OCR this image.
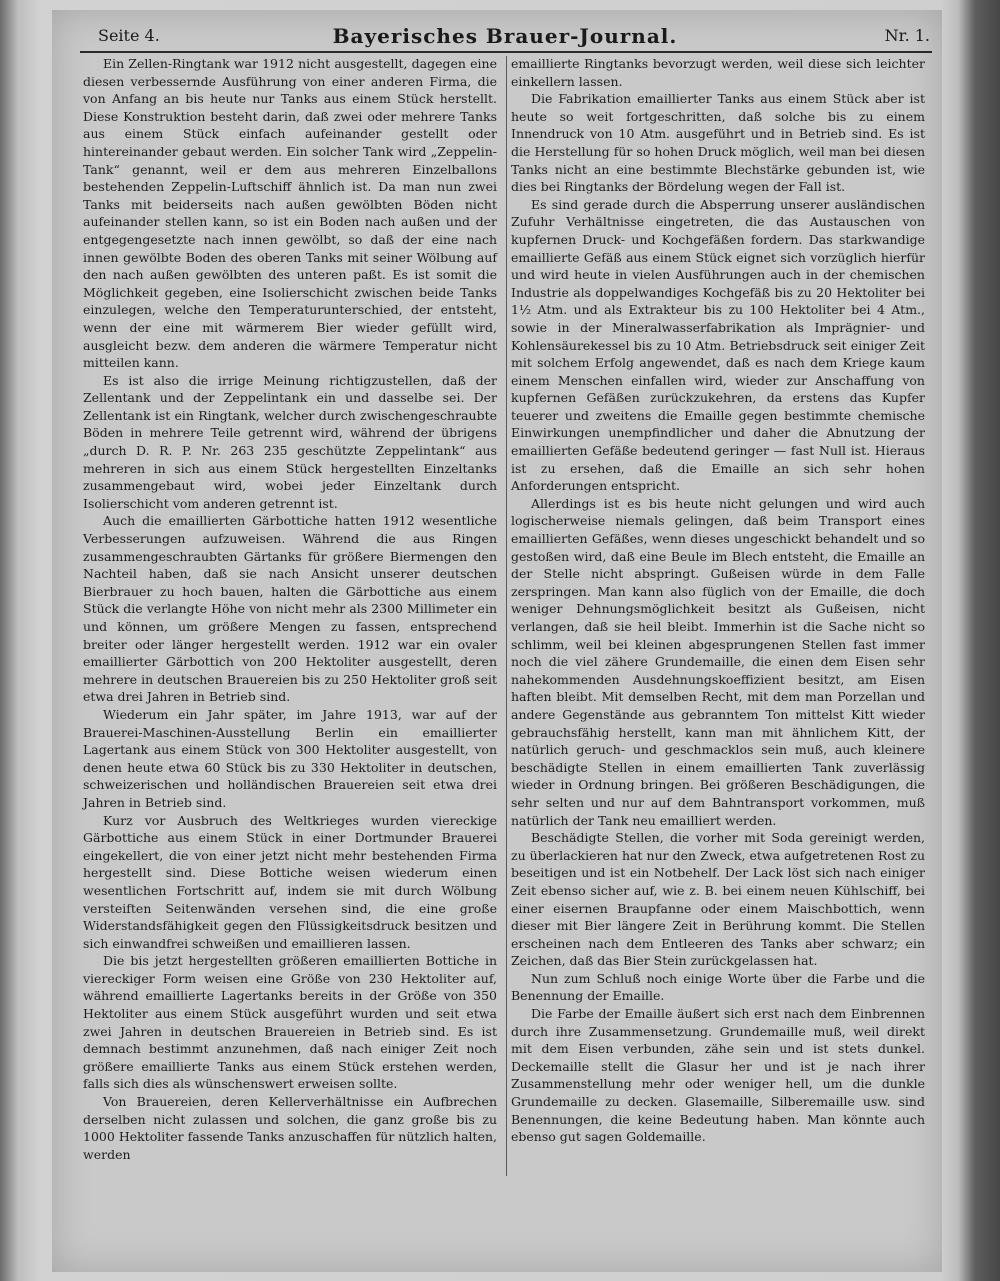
Seite 4.	Bayerisches Brauer-Journal.	Nr. 1.

Ein Zellen-Ringtank war 1912 nicht ausgestellt, dagegen eine diesen verbessernde Ausführung von einer anderen Firma, die von Anfang an bis heute nur Tanks aus einem Stück herstellt. Diese Konstruktion besteht darin, daß zwei oder mehrere Tanks aus einem Stück einfach aufeinander gestellt oder hintereinander gebaut werden. Ein solcher Tank wird „Zeppelin-Tank“ genannt, weil er dem aus mehreren Einzelballons bestehenden Zeppelin-Luftschiff ähnlich ist. Da man nun zwei Tanks mit beiderseits nach außen gewölbten Böden nicht aufeinander stellen kann, so ist ein Boden nach außen und der entgegengesetzte nach innen gewölbt, so daß der eine nach innen gewölbte Boden des oberen Tanks mit seiner Wölbung auf den nach außen gewölbten des unteren paßt. Es ist somit die Möglichkeit gegeben, eine Isolierschicht zwischen beide Tanks einzulegen, welche den Temperaturunterschied, der entsteht, wenn der eine mit wärmerem Bier wieder gefüllt wird, ausgleicht bezw. dem anderen die wärmere Temperatur nicht mitteilen kann.

Es ist also die irrige Meinung richtigzustellen, daß der Zellentank und der Zeppelintank ein und dasselbe sei. Der Zellentank ist ein Ringtank, welcher durch zwischengeschraubte Böden in mehrere Teile getrennt wird, während der übrigens „durch D. R. P. Nr. 263 235 geschützte Zeppelintank“ aus mehreren in sich aus einem Stück hergestellten Einzeltanks zusammengebaut wird, wobei jeder Einzeltank durch Isolierschicht vom anderen getrennt ist.

Auch die emaillierten Gärbottiche hatten 1912 wesentliche Verbesserungen aufzuweisen. Während die aus Ringen zusammengeschraubten Gärtanks für größere Biermengen den Nachteil haben, daß sie nach Ansicht unserer deutschen Bierbrauer zu hoch bauen, halten die Gärbottiche aus einem Stück die verlangte Höhe von nicht mehr als 2300 Millimeter ein und können, um größere Mengen zu fassen, entsprechend breiter oder länger hergestellt werden. 1912 war ein ovaler emaillierter Gärbottich von 200 Hektoliter ausgestellt, deren mehrere in deutschen Brauereien bis zu 250 Hektoliter groß seit etwa drei Jahren in Betrieb sind.

Wiederum ein Jahr später, im Jahre 1913, war auf der Brauerei-Maschinen-Ausstellung Berlin ein emaillierter Lagertank aus einem Stück von 300 Hektoliter ausgestellt, von denen heute etwa 60 Stück bis zu 330 Hektoliter in deutschen, schweizerischen und holländischen Brauereien seit etwa drei Jahren in Betrieb sind.

Kurz vor Ausbruch des Weltkrieges wurden viereckige Gärbottiche aus einem Stück in einer Dortmunder Brauerei eingekellert, die von einer jetzt nicht mehr bestehenden Firma hergestellt sind. Diese Bottiche weisen wiederum einen wesentlichen Fortschritt auf, indem sie mit durch Wölbung versteiften Seitenwänden versehen sind, die eine große Widerstandsfähigkeit gegen den Flüssigkeitsdruck besitzen und sich einwandfrei schweißen und emaillieren lassen.

Die bis jetzt hergestellten größeren emaillierten Bottiche in viereckiger Form weisen eine Größe von 230 Hektoliter auf, während emaillierte Lagertanks bereits in der Größe von 350 Hektoliter aus einem Stück ausgeführt wurden und seit etwa zwei Jahren in deutschen Brauereien in Betrieb sind. Es ist demnach bestimmt anzunehmen, daß nach einiger Zeit noch größere emaillierte Tanks aus einem Stück erstehen werden, falls sich dies als wünschenswert erweisen sollte.

Von Brauereien, deren Kellerverhältnisse ein Aufbrechen derselben nicht zulassen und solchen, die ganz große bis zu 1000 Hektoliter fassende Tanks anzuschaffen für nützlich halten, werden

emaillierte Ringtanks bevorzugt werden, weil diese sich leichter einkellern lassen.

Die Fabrikation emaillierter Tanks aus einem Stück aber ist heute so weit fortgeschritten, daß solche bis zu einem Innendruck von 10 Atm. ausgeführt und in Betrieb sind. Es ist die Herstellung für so hohen Druck möglich, weil man bei diesen Tanks nicht an eine bestimmte Blechstärke gebunden ist, wie dies bei Ringtanks der Bördelung wegen der Fall ist.

Es sind gerade durch die Absperrung unserer ausländischen Zufuhr Verhältnisse eingetreten, die das Austauschen von kupfernen Druck- und Kochgefäßen fordern. Das starkwandige emaillierte Gefäß aus einem Stück eignet sich vorzüglich hierfür und wird heute in vielen Ausführungen auch in der chemischen Industrie als doppelwandiges Kochgefäß bis zu 20 Hektoliter bei 1½ Atm. und als Extrakteur bis zu 100 Hektoliter bei 4 Atm., sowie in der Mineralwasserfabrikation als Imprägnier- und Kohlensäurekessel bis zu 10 Atm. Betriebsdruck seit einiger Zeit mit solchem Erfolg angewendet, daß es nach dem Kriege kaum einem Menschen einfallen wird, wieder zur Anschaffung von kupfernen Gefäßen zurückzukehren, da erstens das Kupfer teuerer und zweitens die Emaille gegen bestimmte chemische Einwirkungen unempfindlicher und daher die Abnutzung der emaillierten Gefäße bedeutend geringer — fast Null ist. Hieraus ist zu ersehen, daß die Emaille an sich sehr hohen Anforderungen entspricht.

Allerdings ist es bis heute nicht gelungen und wird auch logischerweise niemals gelingen, daß beim Transport eines emaillierten Gefäßes, wenn dieses ungeschickt behandelt und so gestoßen wird, daß eine Beule im Blech entsteht, die Emaille an der Stelle nicht abspringt. Gußeisen würde in dem Falle zerspringen. Man kann also füglich von der Emaille, die doch weniger Dehnungsmöglichkeit besitzt als Gußeisen, nicht verlangen, daß sie heil bleibt. Immerhin ist die Sache nicht so schlimm, weil bei kleinen abgesprungenen Stellen fast immer noch die viel zähere Grundemaille, die einen dem Eisen sehr nahekommenden Ausdehnungskoeffizient besitzt, am Eisen haften bleibt. Mit demselben Recht, mit dem man Porzellan und andere Gegenstände aus gebranntem Ton mittelst Kitt wieder gebrauchsfähig herstellt, kann man mit ähnlichem Kitt, der natürlich geruch- und geschmacklos sein muß, auch kleinere beschädigte Stellen in einem emaillierten Tank zuverlässig wieder in Ordnung bringen. Bei größeren Beschädigungen, die sehr selten und nur auf dem Bahntransport vorkommen, muß natürlich der Tank neu emailliert werden.

Beschädigte Stellen, die vorher mit Soda gereinigt werden, zu überlackieren hat nur den Zweck, etwa aufgetretenen Rost zu beseitigen und ist ein Notbehelf. Der Lack löst sich nach einiger Zeit ebenso sicher auf, wie z. B. bei einem neuen Kühlschiff, bei einer eisernen Braupfanne oder einem Maischbottich, wenn dieser mit Bier längere Zeit in Berührung kommt. Die Stellen erscheinen nach dem Entleeren des Tanks aber schwarz; ein Zeichen, daß das Bier Stein zurückgelassen hat.

Nun zum Schluß noch einige Worte über die Farbe und die Benennung der Emaille.

Die Farbe der Emaille äußert sich erst nach dem Einbrennen durch ihre Zusammensetzung. Grundemaille muß, weil direkt mit dem Eisen verbunden, zähe sein und ist stets dunkel. Deckemaille stellt die Glasur her und ist je nach ihrer Zusammenstellung mehr oder weniger hell, um die dunkle Grundemaille zu decken. Glasemaille, Silberemaille usw. sind Benennungen, die keine Bedeutung haben. Man könnte auch ebenso gut sagen Goldemaille.
